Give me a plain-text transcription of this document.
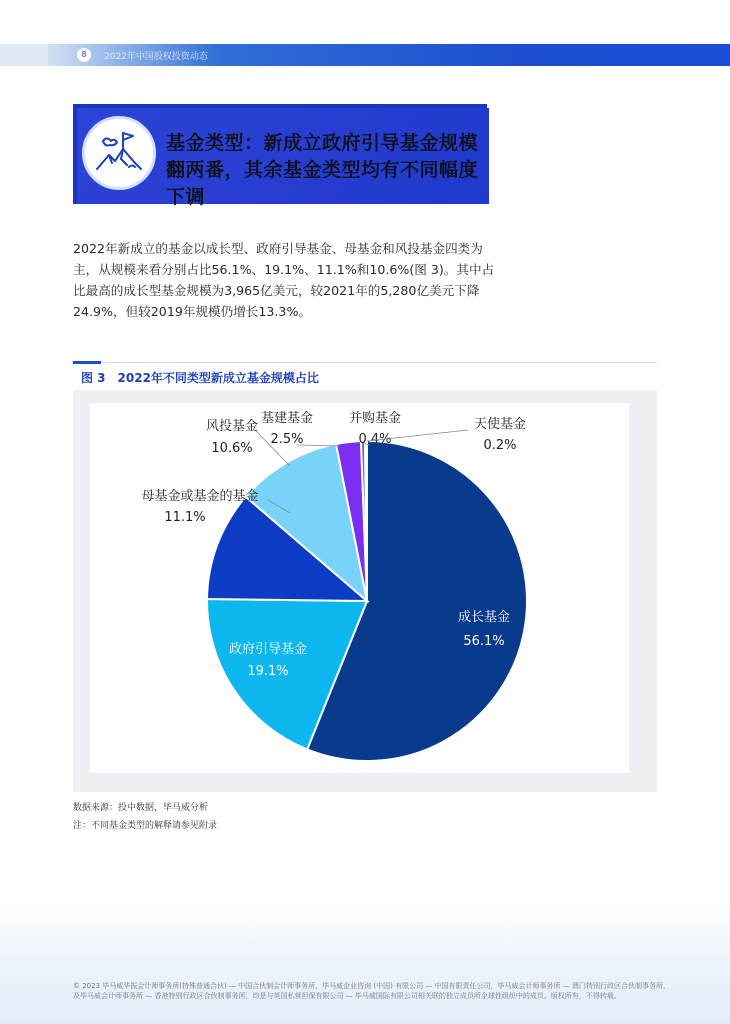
8	2022年中国股权投资动态
基金类型：新成立政府引导基金规模翻两番，其余基金类型均有不同幅度下调
2022年新成立的基金以成长型、政府引导基金、母基金和风投基金四类为主，从规模来看分别占比56.1%、19.1%、11.1%和10.6%(图 3)。其中占比最高的成长型基金规模为3,965亿美元，较2021年的5,280亿美元下降24.9%，但较2019年规模仍增长13.3%。
图 3　2022年不同类型新成立基金规模占比
成长基金
56.1%
政府引导基金
19.1%
母基金或基金的基金
11.1%
风投基金
10.6%
基建基金
2.5%
并购基金
0.4%
天使基金
0.2%
数据来源：投中数据，毕马威分析
注：不同基金类型的解释请参见附录
© 2023 毕马威华振会计师事务所(特殊普通合伙) — 中国合伙制会计师事务所，毕马威企业咨询 (中国) 有限公司 — 中国有限责任公司，毕马威会计师事务所 — 澳门特别行政区合伙制事务所，
及毕马威会计师事务所 — 香港特别行政区合伙制事务所，均是与英国私营担保有限公司 — 毕马威国际有限公司相关联的独立成员所全球性组织中的成员。版权所有，不得转载。
